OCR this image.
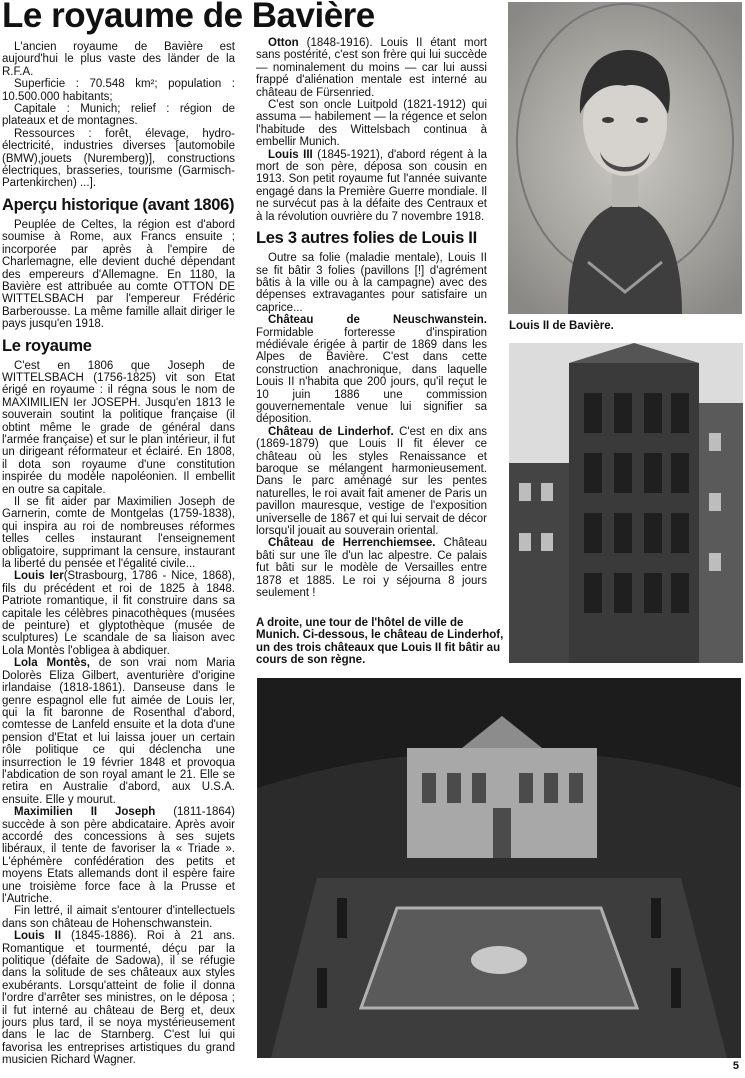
Le royaume de Bavière

L'ancien royaume de Bavière est aujourd'hui le plus vaste des länder de la R.F.A.

Superficie : 70.548 km²; population : 10.500.000 habitants;

Capitale : Munich; relief : région de plateaux et de montagnes.

Ressources : forêt, élevage, hydro-électricité, industries diverses [automobile (BMW),jouets (Nuremberg)], constructions électriques, brasseries, tourisme (Garmisch-Partenkirchen) ...].

Aperçu historique (avant 1806)

Peuplée de Celtes, la région est d'abord soumise à Rome, aux Francs ensuite ; incorporée par après à l'empire de Charlemagne, elle devient duché dépendant des empereurs d'Allemagne. En 1180, la Bavière est attribuée au comte OTTON DE WITTELSBACH par l'empereur Frédéric Barberousse. La même famille allait diriger le pays jusqu'en 1918.

Le royaume

C'est en 1806 que Joseph de WITTELSBACH (1756-1825) vit son Etat érigé en royaume : il régna sous le nom de MAXIMILIEN Ier JOSEPH. Jusqu'en 1813 le souverain soutint la politique française (il obtint même le grade de général dans l'armée française) et sur le plan intérieur, il fut un dirigeant réformateur et éclairé. En 1808, il dota son royaume d'une constitution inspirée du modèle napoléonien. Il embellit en outre sa capitale.

Il se fit aider par Maximilien Joseph de Garnerin, comte de Montgelas (1759-1838), qui inspira au roi de nombreuses réformes telles celles instaurant l'enseignement obligatoire, supprimant la censure, instaurant la liberté du pensée et l'égalité civile...

Louis Ier(Strasbourg, 1786 - Nice, 1868), fils du précédent et roi de 1825 à 1848. Patriote romantique, il fit construire dans sa capitale les célèbres pinacothèques (musées de peinture) et glyptothèque (musée de sculptures) Le scandale de sa liaison avec Lola Montès l'obligea à abdiquer.

Lola Montès, de son vrai nom Maria Dolorès Eliza Gilbert, aventurière d'origine irlandaise (1818-1861). Danseuse dans le genre espagnol elle fut aimée de Louis Ier, qui la fit baronne de Rosenthal d'abord, comtesse de Lanfeld ensuite et la dota d'une pension d'Etat et lui laissa jouer un certain rôle politique ce qui déclencha une insurrection le 19 février 1848 et provoqua l'abdication de son royal amant le 21. Elle se retira en Australie d'abord, aux U.S.A. ensuite. Elle y mourut.

Maximilien II Joseph (1811-1864) succède à son père abdicataire. Après avoir accordé des concessions à ses sujets libéraux, il tente de favoriser la « Triade ». L'éphémère confédération des petits et moyens Etats allemands dont il espère faire une troisième force face à la Prusse et l'Autriche.

Fin lettré, il aimait s'entourer d'intellectuels dans son château de Hohenschwanstein.

Louis II (1845-1886). Roi à 21 ans. Romantique et tourmenté, déçu par la politique (défaite de Sadowa), il se réfugie dans la solitude de ses châteaux aux styles exubérants. Lorsqu'atteint de folie il donna l'ordre d'arrêter ses ministres, on le déposa ; il fut interné au château de Berg et, deux jours plus tard, il se noya mystérieusement dans le lac de Starnberg. C'est lui qui favorisa les entreprises artistiques du grand musicien Richard Wagner.

Otton (1848-1916). Louis II étant mort sans postérité, c'est son frère qui lui succède — nominalement du moins — car lui aussi frappé d'aliénation mentale est interné au château de Fürsenried.

C'est son oncle Luitpold (1821-1912) qui assuma — habilement — la régence et selon l'habitude des Wittelsbach continua à embellir Munich.

Louis III (1845-1921), d'abord régent à la mort de son père, déposa son cousin en 1913. Son petit royaume fut l'année suivante engagé dans la Première Guerre mondiale. Il ne survécut pas à la défaite des Centraux et à la révolution ouvrière du 7 novembre 1918.

Les 3 autres folies de Louis II

Outre sa folie (maladie mentale), Louis II se fit bâtir 3 folies (pavillons [!] d'agrément bâtis à la ville ou à la campagne) avec des dépenses extravagantes pour satisfaire un caprice...

Château de Neuschwanstein. Formidable forteresse d'inspiration médiévale érigée à partir de 1869 dans les Alpes de Bavière. C'est dans cette construction anachronique, dans laquelle Louis II n'habita que 200 jours, qu'il reçut le 10 juin 1886 une commission gouvernementale venue lui signifier sa déposition.

Château de Linderhof. C'est en dix ans (1869-1879) que Louis II fit élever ce château où les styles Renaissance et baroque se mélangent harmonieusement. Dans le parc aménagé sur les pentes naturelles, le roi avait fait amener de Paris un pavillon mauresque, vestige de l'exposition universelle de 1867 et qui lui servait de décor lorsqu'il jouait au souverain oriental.

Château de Herrenchiemsee. Château bâti sur une île d'un lac alpestre. Ce palais fut bâti sur le modèle de Versailles entre 1878 et 1885. Le roi y séjourna 8 jours seulement !

Louis II de Bavière.

A droite, une tour de l'hôtel de ville de Munich. Ci-dessous, le château de Linderhof, un des trois châteaux que Louis II fit bâtir au cours de son règne.

5
